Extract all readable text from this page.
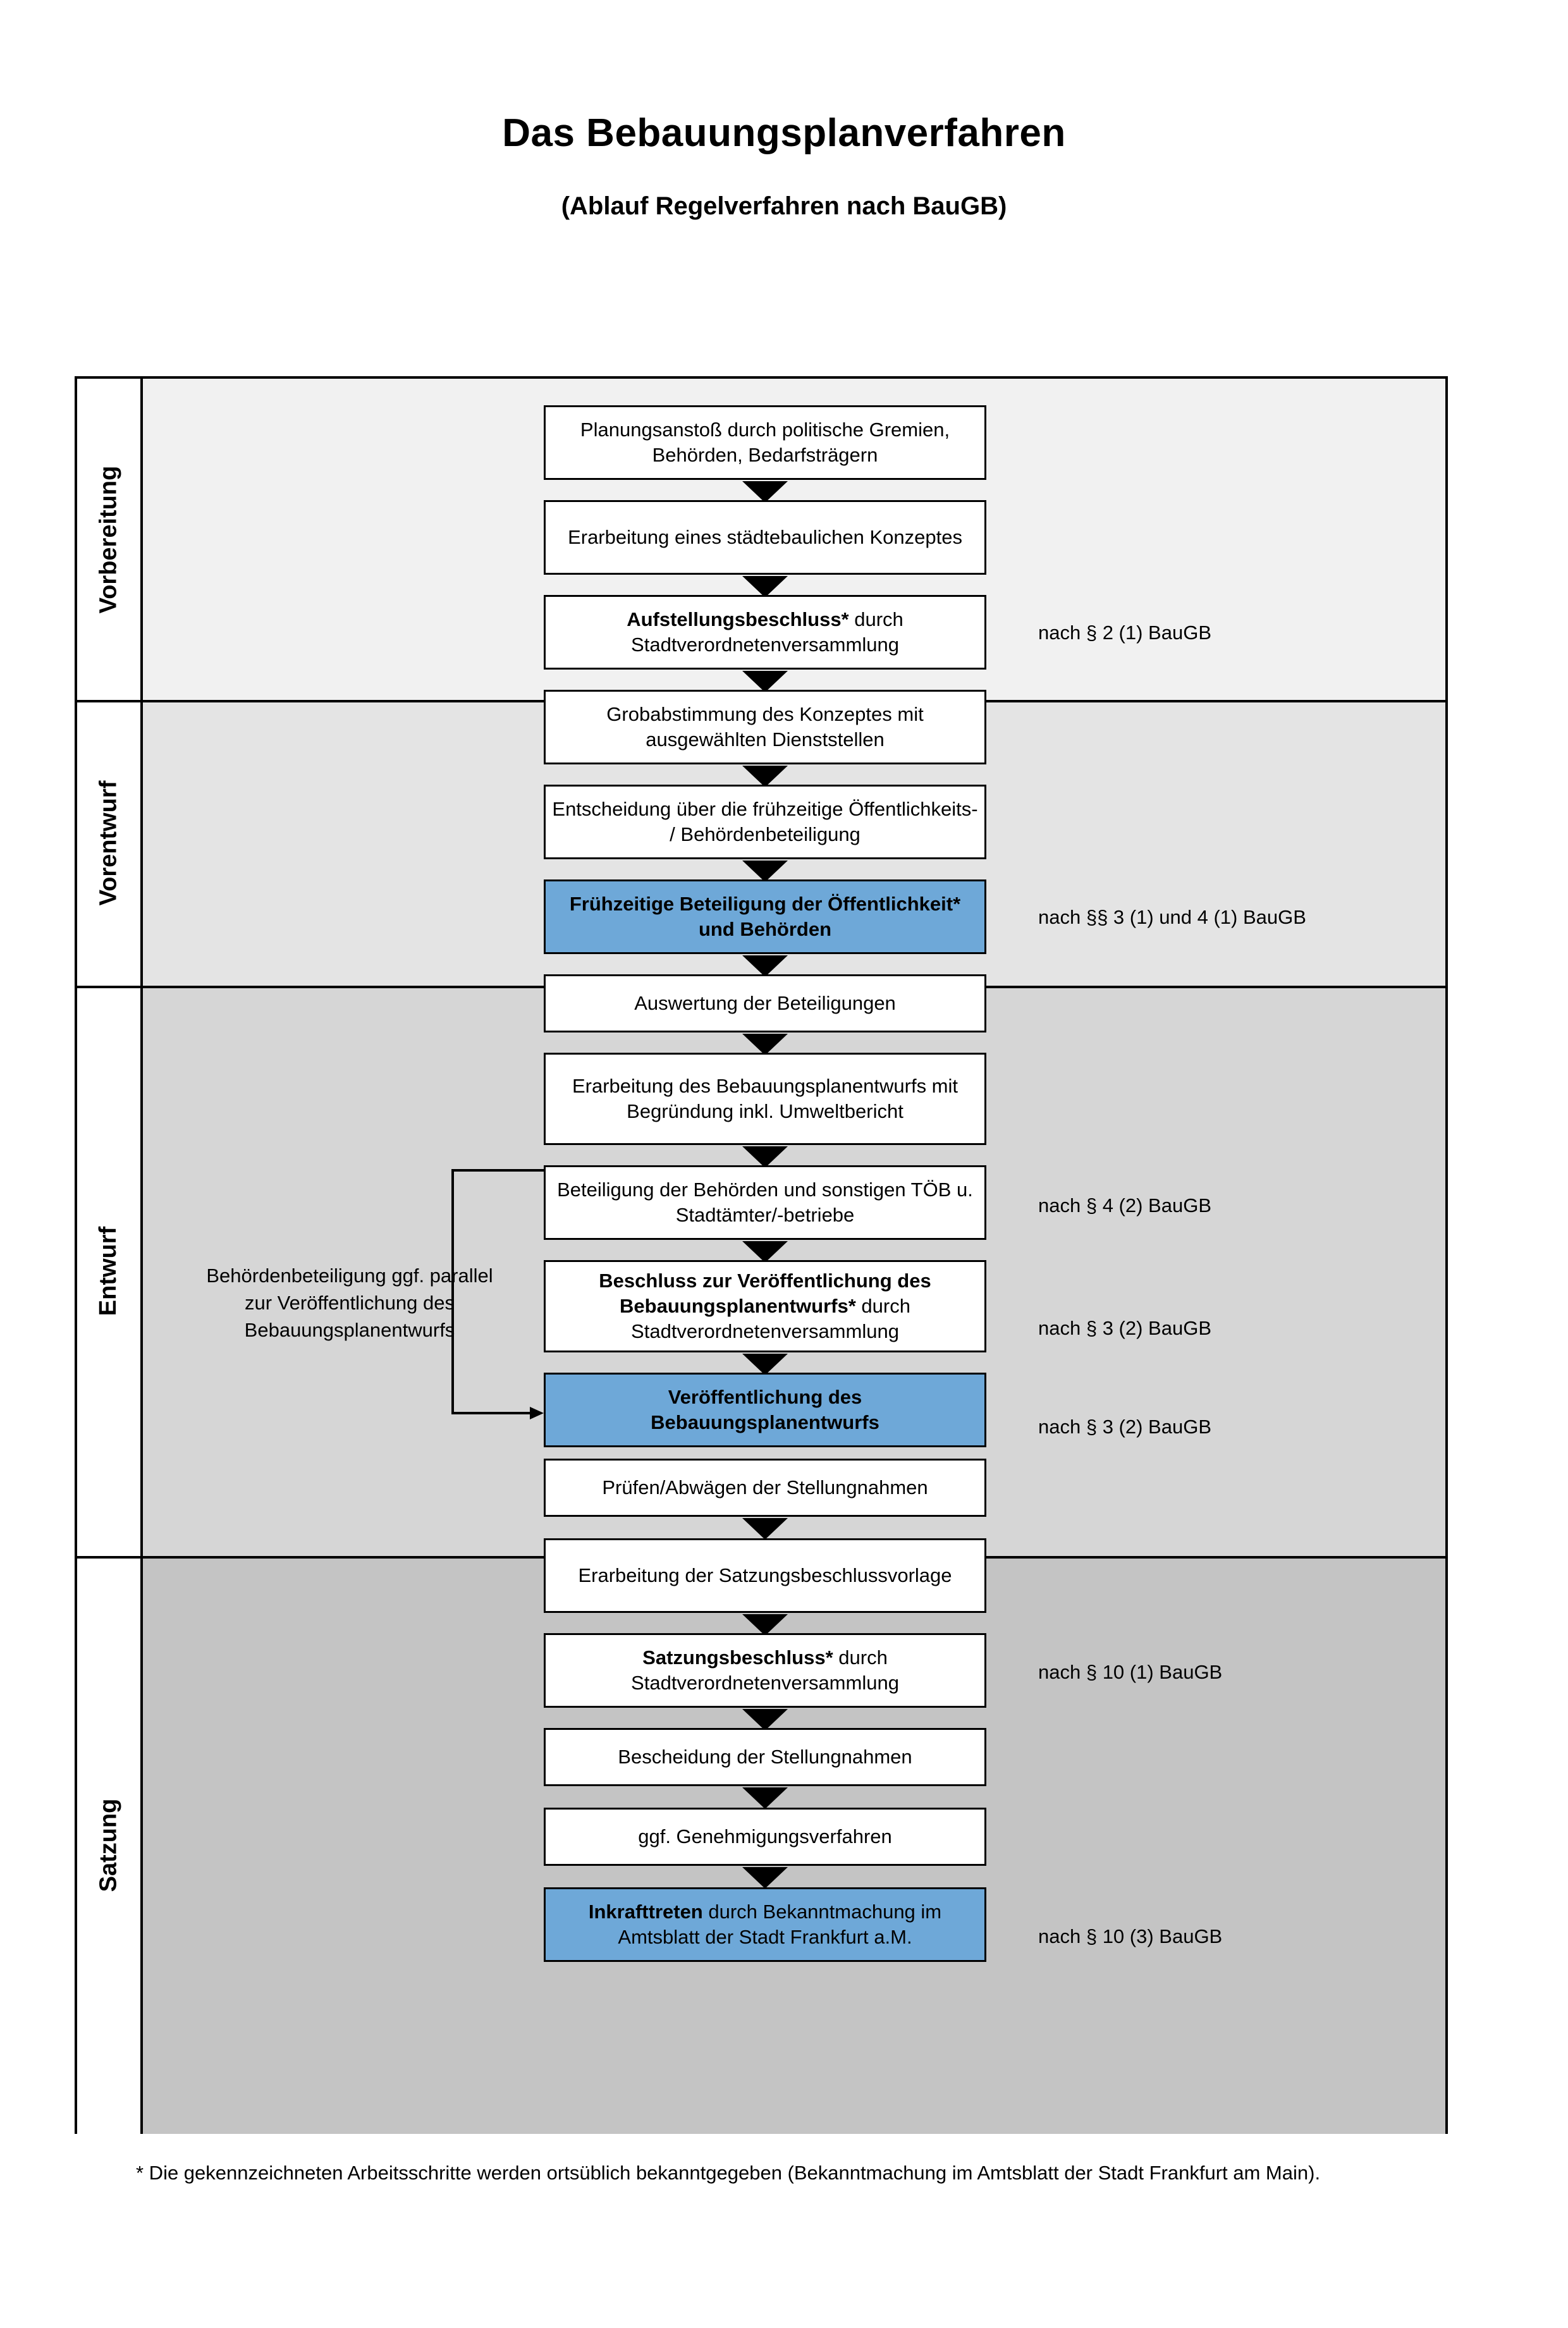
Das Bebauungsplanverfahren
(Ablauf Regelverfahren nach BauGB)
Vorbereitung
Vorentwurf
Entwurf
Satzung
Planungsanstoß durch politische Gremien, Behörden, Bedarfsträgern
Erarbeitung eines städtebaulichen Konzeptes
Aufstellungsbeschluss* durch Stadtverordnetenversammlung
Grobabstimmung des Konzeptes mit ausgewählten Dienststellen
Entscheidung über die frühzeitige Öffentlichkeits- / Behördenbeteiligung
Frühzeitige Beteiligung der Öffentlichkeit* und Behörden
Auswertung der Beteiligungen
Erarbeitung des Bebauungsplanentwurfs mit Begründung inkl. Umweltbericht
Beteiligung der Behörden und sonstigen TÖB u. Stadtämter/-betriebe
Beschluss zur Veröffentlichung des Bebauungsplanentwurfs* durch Stadtverordnetenversammlung
Veröffentlichung des Bebauungsplanentwurfs
Prüfen/Abwägen der Stellungnahmen
Erarbeitung der Satzungsbeschlussvorlage
Satzungsbeschluss* durch Stadtverordnetenversammlung
Bescheidung der Stellungnahmen
ggf. Genehmigungsverfahren
Inkrafttreten durch Bekanntmachung im Amtsblatt der Stadt Frankfurt a.M.
nach § 2 (1) BauGB
nach §§ 3 (1) und 4 (1) BauGB
nach § 4 (2) BauGB
nach § 3 (2) BauGB
nach § 3 (2) BauGB
nach § 10 (1) BauGB
nach § 10 (3) BauGB
Behördenbeteiligung ggf. parallel zur Veröffentlichung des Bebauungsplanentwurfs
* Die gekennzeichneten Arbeitsschritte werden ortsüblich bekanntgegeben (Bekanntmachung im Amtsblatt der Stadt Frankfurt am Main).
